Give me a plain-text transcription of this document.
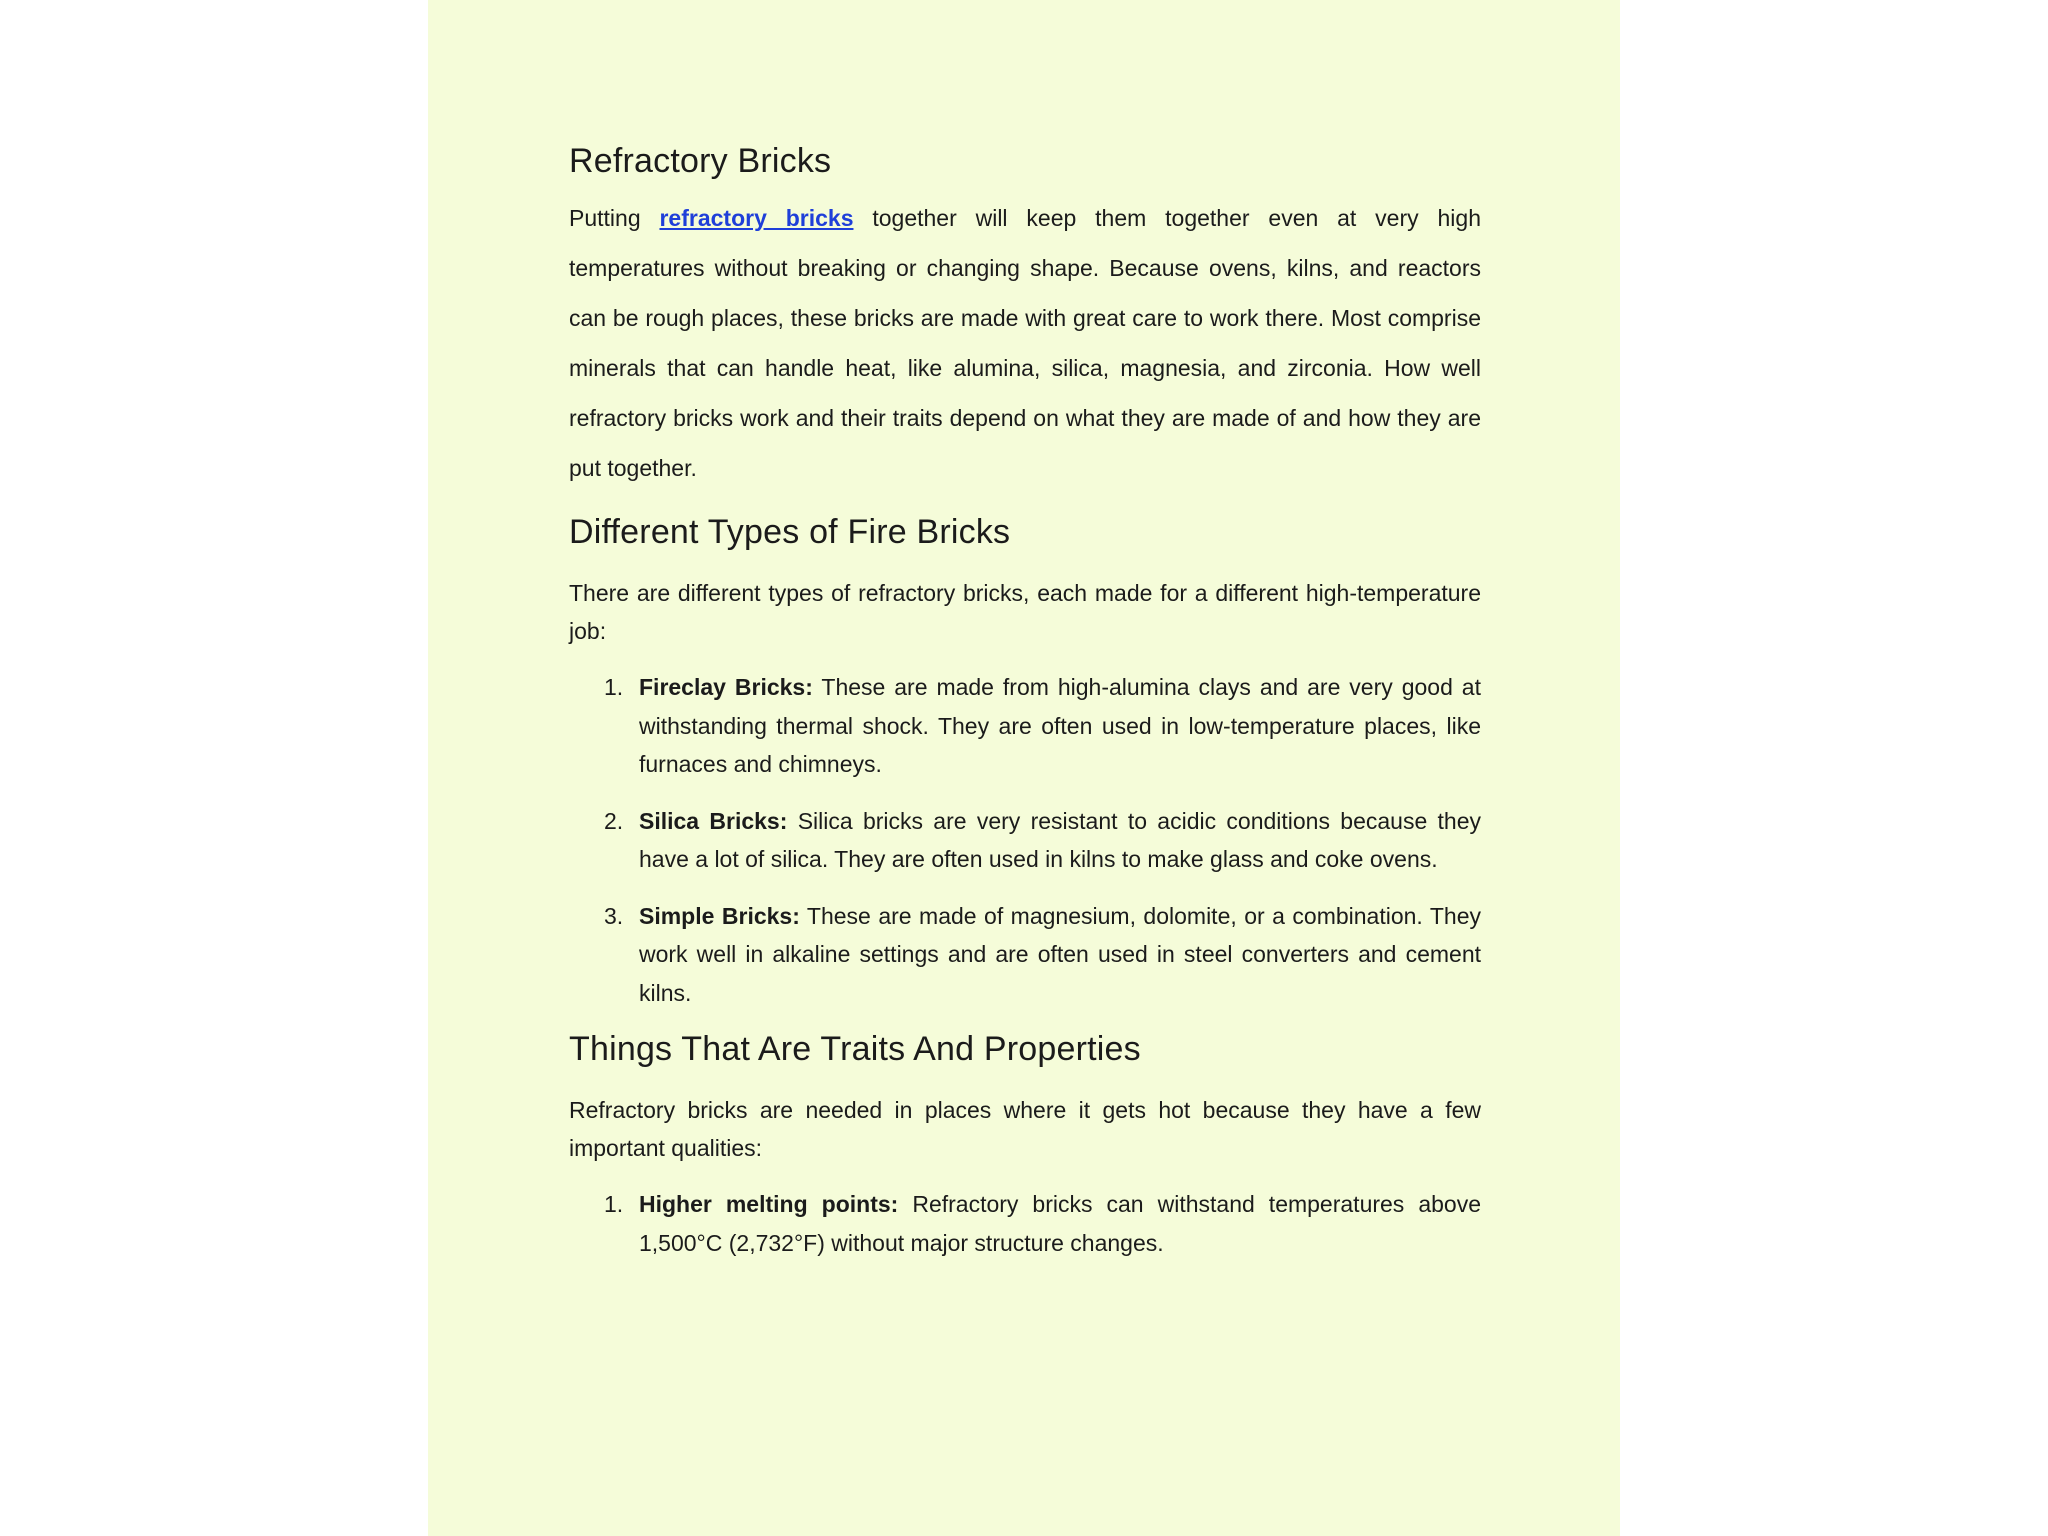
Refractory Bricks

Putting refractory bricks together will keep them together even at very high temperatures without breaking or changing shape. Because ovens, kilns, and reactors can be rough places, these bricks are made with great care to work there. Most comprise minerals that can handle heat, like alumina, silica, magnesia, and zirconia. How well refractory bricks work and their traits depend on what they are made of and how they are put together.

Different Types of Fire Bricks

There are different types of refractory bricks, each made for a different high-temperature job:

1. Fireclay Bricks: These are made from high-alumina clays and are very good at withstanding thermal shock. They are often used in low-temperature places, like furnaces and chimneys.
2. Silica Bricks: Silica bricks are very resistant to acidic conditions because they have a lot of silica. They are often used in kilns to make glass and coke ovens.
3. Simple Bricks: These are made of magnesium, dolomite, or a combination. They work well in alkaline settings and are often used in steel converters and cement kilns.
Things That Are Traits And Properties

Refractory bricks are needed in places where it gets hot because they have a few important qualities:

1. Higher melting points: Refractory bricks can withstand temperatures above 1,500°C (2,732°F) without major structure changes.
